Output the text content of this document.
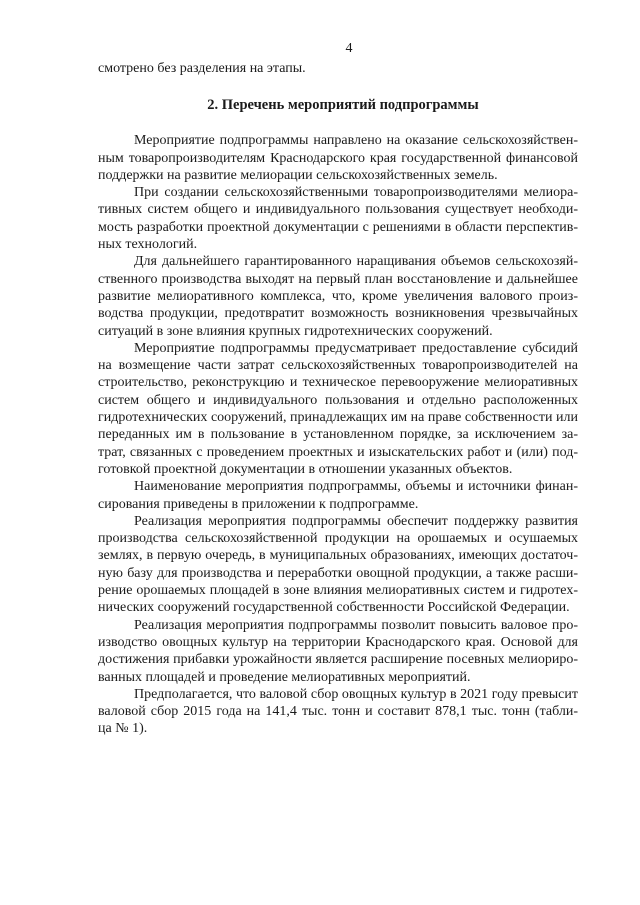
4
смотрено без разделения на этапы.
2. Перечень мероприятий подпрограммы
Мероприятие подпрограммы направлено на оказание сельскохозяйствен-
ным товаропроизводителям Краснодарского края государственной финансовой
поддержки на развитие мелиорации сельскохозяйственных земель.
При создании сельскохозяйственными товаропроизводителями мелиора-
тивных систем общего и индивидуального пользования существует необходи-
мость разработки проектной документации с решениями в области перспектив-
ных технологий.
Для дальнейшего гарантированного наращивания объемов сельскохозяй-
ственного производства выходят на первый план восстановление и дальнейшее
развитие мелиоративного комплекса, что, кроме увеличения валового произ-
водства продукции, предотвратит возможность возникновения чрезвычайных
ситуаций в зоне влияния крупных гидротехнических сооружений.
Мероприятие подпрограммы предусматривает предоставление субсидий
на возмещение части затрат сельскохозяйственных товаропроизводителей на
строительство, реконструкцию и техническое перевооружение мелиоративных
систем общего и индивидуального пользования и отдельно расположенных
гидротехнических сооружений, принадлежащих им на праве собственности или
переданных им в пользование в установленном порядке, за исключением за-
трат, связанных с проведением проектных и изыскательских работ и (или) под-
готовкой проектной документации в отношении указанных объектов.
Наименование мероприятия подпрограммы, объемы и источники финан-
сирования приведены в приложении к подпрограмме.
Реализация мероприятия подпрограммы обеспечит поддержку развития
производства сельскохозяйственной продукции на орошаемых и осушаемых
землях, в первую очередь, в муниципальных образованиях, имеющих достаточ-
ную базу для производства и переработки овощной продукции, а также расши-
рение орошаемых площадей в зоне влияния мелиоративных систем и гидротех-
нических сооружений государственной собственности Российской Федерации.
Реализация мероприятия подпрограммы позволит повысить валовое про-
изводство овощных культур на территории Краснодарского края. Основой для
достижения прибавки урожайности является расширение посевных мелиориро-
ванных площадей и проведение мелиоративных мероприятий.
Предполагается, что валовой сбор овощных культур в 2021 году превысит
валовой сбор 2015 года на 141,4 тыс. тонн и составит 878,1 тыс. тонн (табли-
ца № 1).
